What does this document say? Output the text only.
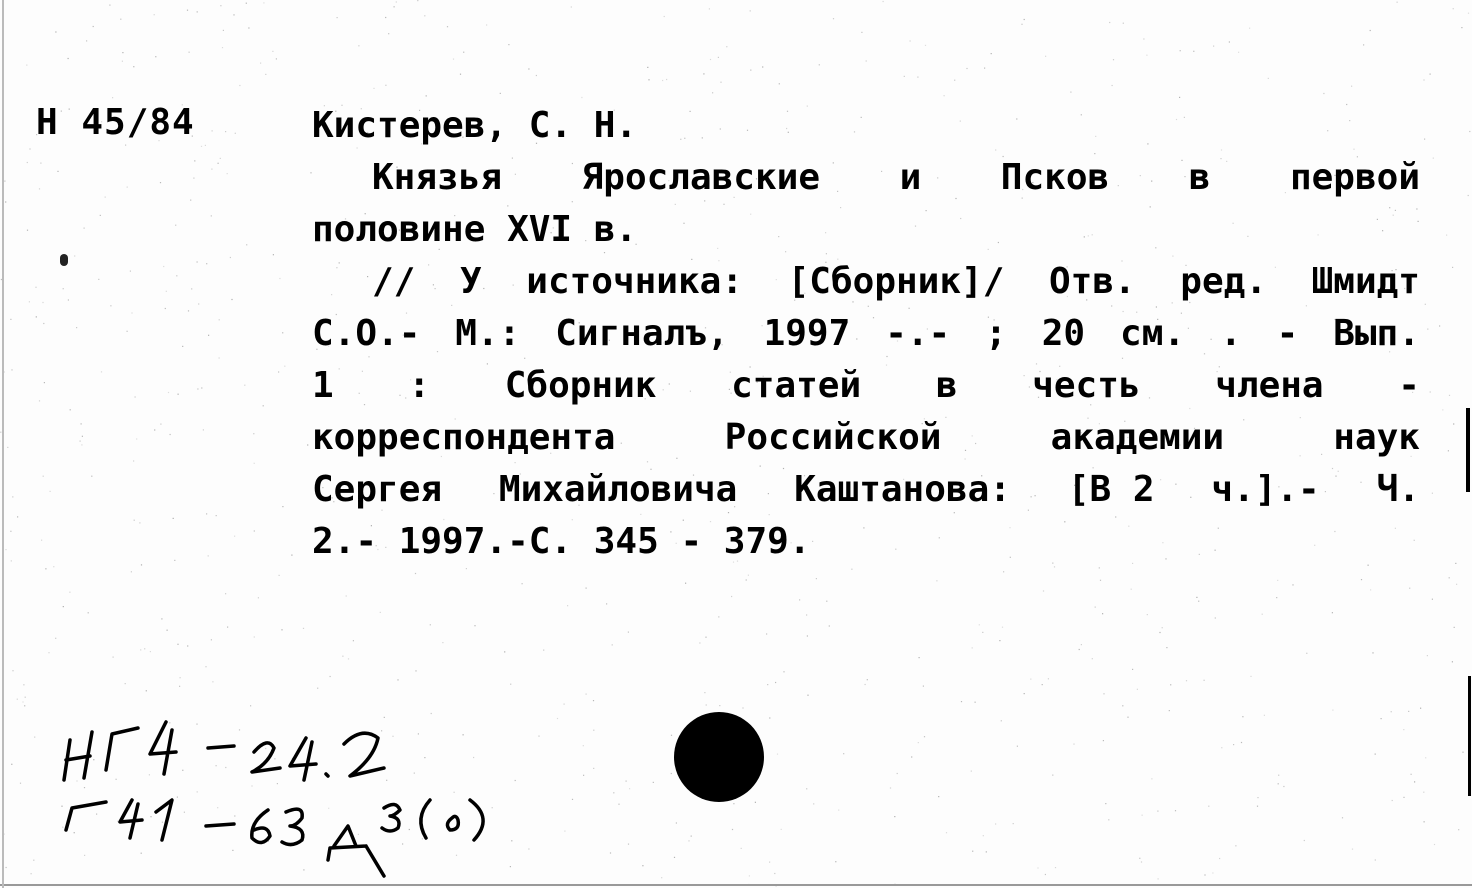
Н 45/84	Кистерев, С. Н.
Князья Ярославские и Псков в первой
половине XVI в.
// У источника: [Сборник]/ Отв. ред. Шмидт
С.О.- М.: Сигналъ, 1997 -.- ; 20 см. . - Вып.
1 : Сборник статей в честь члена -
корреспондента	Российской	академии	наук
Сергея Михайловича Каштанова: [В 2 ч.].- Ч.
2.- 1997.-С. 345 - 379.
